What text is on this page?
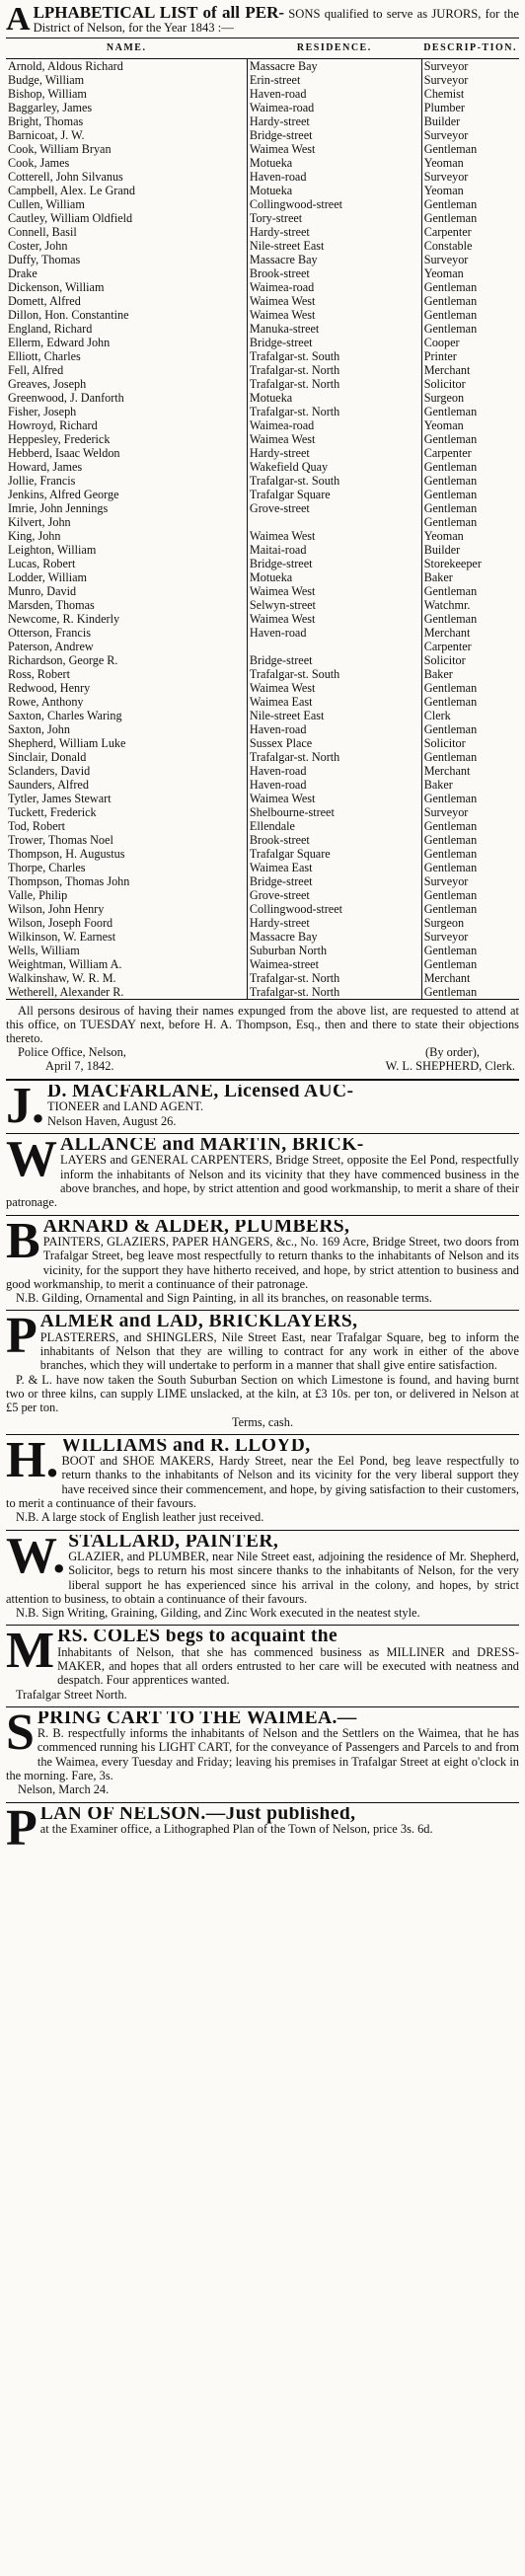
A LPHABETICAL LIST of all PER- SONS qualified to serve as JURORS, for the District of Nelson, for the Year 1843 :—
NAME.	RESIDENCE.	DESCRIP-TION.
Arnold, Aldous Richard	Massacre Bay	Surveyor
Budge, William	Erin-street	Surveyor
Bishop, William	Haven-road	Chemist
Baggarley, James	Waimea-road	Plumber
Bright, Thomas	Hardy-street	Builder
Barnicoat, J. W.	Bridge-street	Surveyor
Cook, William Bryan	Waimea West	Gentleman
Cook, James	Motueka	Yeoman
Cotterell, John Silvanus	Haven-road	Surveyor
Campbell, Alex. Le Grand	Motueka	Yeoman
Cullen, William	Collingwood-street	Gentleman
Cautley, William Oldfield	Tory-street	Gentleman
Connell, Basil	Hardy-street	Carpenter
Coster, John	Nile-street East	Constable
Duffy, Thomas	Massacre Bay	Surveyor
Drake	Brook-street	Yeoman
Dickenson, William	Waimea-road	Gentleman
Domett, Alfred	Waimea West	Gentleman
Dillon, Hon. Constantine	Waimea West	Gentleman
England, Richard	Manuka-street	Gentleman
Ellerm, Edward John	Bridge-street	Cooper
Elliott, Charles	Trafalgar-st. South	Printer
Fell, Alfred	Trafalgar-st. North	Merchant
Greaves, Joseph	Trafalgar-st. North	Solicitor
Greenwood, J. Danforth	Motueka	Surgeon
Fisher, Joseph	Trafalgar-st. North	Gentleman
Howroyd, Richard	Waimea-road	Yeoman
Heppesley, Frederick	Waimea West	Gentleman
Hebberd, Isaac Weldon	Hardy-street	Carpenter
Howard, James	Wakefield Quay	Gentleman
Jollie, Francis	Trafalgar-st. South	Gentleman
Jenkins, Alfred George	Trafalgar Square	Gentleman
Imrie, John Jennings	Grove-street	Gentleman
Kilvert, John		Gentleman
King, John	Waimea West	Yeoman
Leighton, William	Maitai-road	Builder
Lucas, Robert	Bridge-street	Storekeeper
Lodder, William	Motueka	Baker
Munro, David	Waimea West	Gentleman
Marsden, Thomas	Selwyn-street	Watchmr.
Newcome, R. Kinderly	Waimea West	Gentleman
Otterson, Francis	Haven-road	Merchant
Paterson, Andrew		Carpenter
Richardson, George R.	Bridge-street	Solicitor
Ross, Robert	Trafalgar-st. South	Baker
Redwood, Henry	Waimea West	Gentleman
Rowe, Anthony	Waimea East	Gentleman
Saxton, Charles Waring	Nile-street East	Clerk
Saxton, John	Haven-road	Gentleman
Shepherd, William Luke	Sussex Place	Solicitor
Sinclair, Donald	Trafalgar-st. North	Gentleman
Sclanders, David	Haven-road	Merchant
Saunders, Alfred	Haven-road	Baker
Tytler, James Stewart	Waimea West	Gentleman
Tuckett, Frederick	Shelbourne-street	Surveyor
Tod, Robert	Ellendale	Gentleman
Trower, Thomas Noel	Brook-street	Gentleman
Thompson, H. Augustus	Trafalgar Square	Gentleman
Thorpe, Charles	Waimea East	Gentleman
Thompson, Thomas John	Bridge-street	Surveyor
Valle, Philip	Grove-street	Gentleman
Wilson, John Henry	Collingwood-street	Gentleman
Wilson, Joseph Foord	Hardy-street	Surgeon
Wilkinson, W. Earnest	Massacre Bay	Surveyor
Wells, William	Suburban North	Gentleman
Weightman, William A.	Waimea-street	Gentleman
Walkinshaw, W. R. M.	Trafalgar-st. North	Merchant
Wetherell, Alexander R.	Trafalgar-st. North	Gentleman
All persons desirous of having their names expunged from the above list, are requested to attend at this office, on TUESDAY next, before H. A. Thompson, Esq., then and there to state their objections thereto.
Police Office, Nelson,	(By order),
April 7, 1842.	W. L. SHEPHERD, Clerk.
J. D. MACFARLANE, Licensed AUC-
TIONEER and LAND AGENT.
Nelson Haven, August 26.
WALLANCE and MARTIN, BRICK-
LAYERS and GENERAL CARPENTERS, Bridge Street, opposite the Eel Pond, respectfully inform the inhabitants of Nelson and its vicinity that they have commenced business in the above branches, and hope, by strict attention and good workmanship, to merit a share of their patronage.
BARNARD & ALDER, PLUMBERS,
PAINTERS, GLAZIERS, PAPER HANGERS, &c., No. 169 Acre, Bridge Street, two doors from Trafalgar Street, beg leave most respectfully to return thanks to the inhabitants of Nelson and its vicinity, for the support they have hitherto received, and hope, by strict attention to business and good workmanship, to merit a continuance of their patronage.
N.B. Gilding, Ornamental and Sign Painting, in all its branches, on reasonable terms.
PALMER and LAD, BRICKLAYERS,
PLASTERERS, and SHINGLERS, Nile Street East, near Trafalgar Square, beg to inform the inhabitants of Nelson that they are willing to contract for any work in either of the above branches, which they will undertake to perform in a manner that shall give entire satisfaction.
P. & L. have now taken the South Suburban Section on which Limestone is found, and having burnt two or three kilns, can supply LIME unslacked, at the kiln, at £3 10s. per ton, or delivered in Nelson at £5 per ton.
Terms, cash.
H. WILLIAMS and R. LLOYD,
BOOT and SHOE MAKERS, Hardy Street, near the Eel Pond, beg leave respectfully to return thanks to the inhabitants of Nelson and its vicinity for the very liberal support they have received since their commencement, and hope, by giving satisfaction to their customers, to merit a continuance of their favours.
N.B. A large stock of English leather just received.
W. STALLARD, PAINTER,
GLAZIER, and PLUMBER, near Nile Street east, adjoining the residence of Mr. Shepherd, Solicitor, begs to return his most sincere thanks to the inhabitants of Nelson, for the very liberal support he has experienced since his arrival in the colony, and hopes, by strict attention to business, to obtain a continuance of their favours.
N.B. Sign Writing, Graining, Gilding, and Zinc Work executed in the neatest style.
MRS. COLES begs to acquaint the
Inhabitants of Nelson, that she has commenced business as MILLINER and DRESS-MAKER, and hopes that all orders entrusted to her care will be executed with neatness and despatch. Four apprentices wanted.
Trafalgar Street North.
SPRING CART TO THE WAIMEA.—
R. B. respectfully informs the inhabitants of Nelson and the Settlers on the Waimea, that he has commenced running his LIGHT CART, for the conveyance of Passengers and Parcels to and from the Waimea, every Tuesday and Friday; leaving his premises in Trafalgar Street at eight o'clock in the morning. Fare, 3s.
Nelson, March 24.
PLAN OF NELSON.—Just published,
at the Examiner office, a Lithographed Plan of the Town of Nelson, price 3s. 6d.
